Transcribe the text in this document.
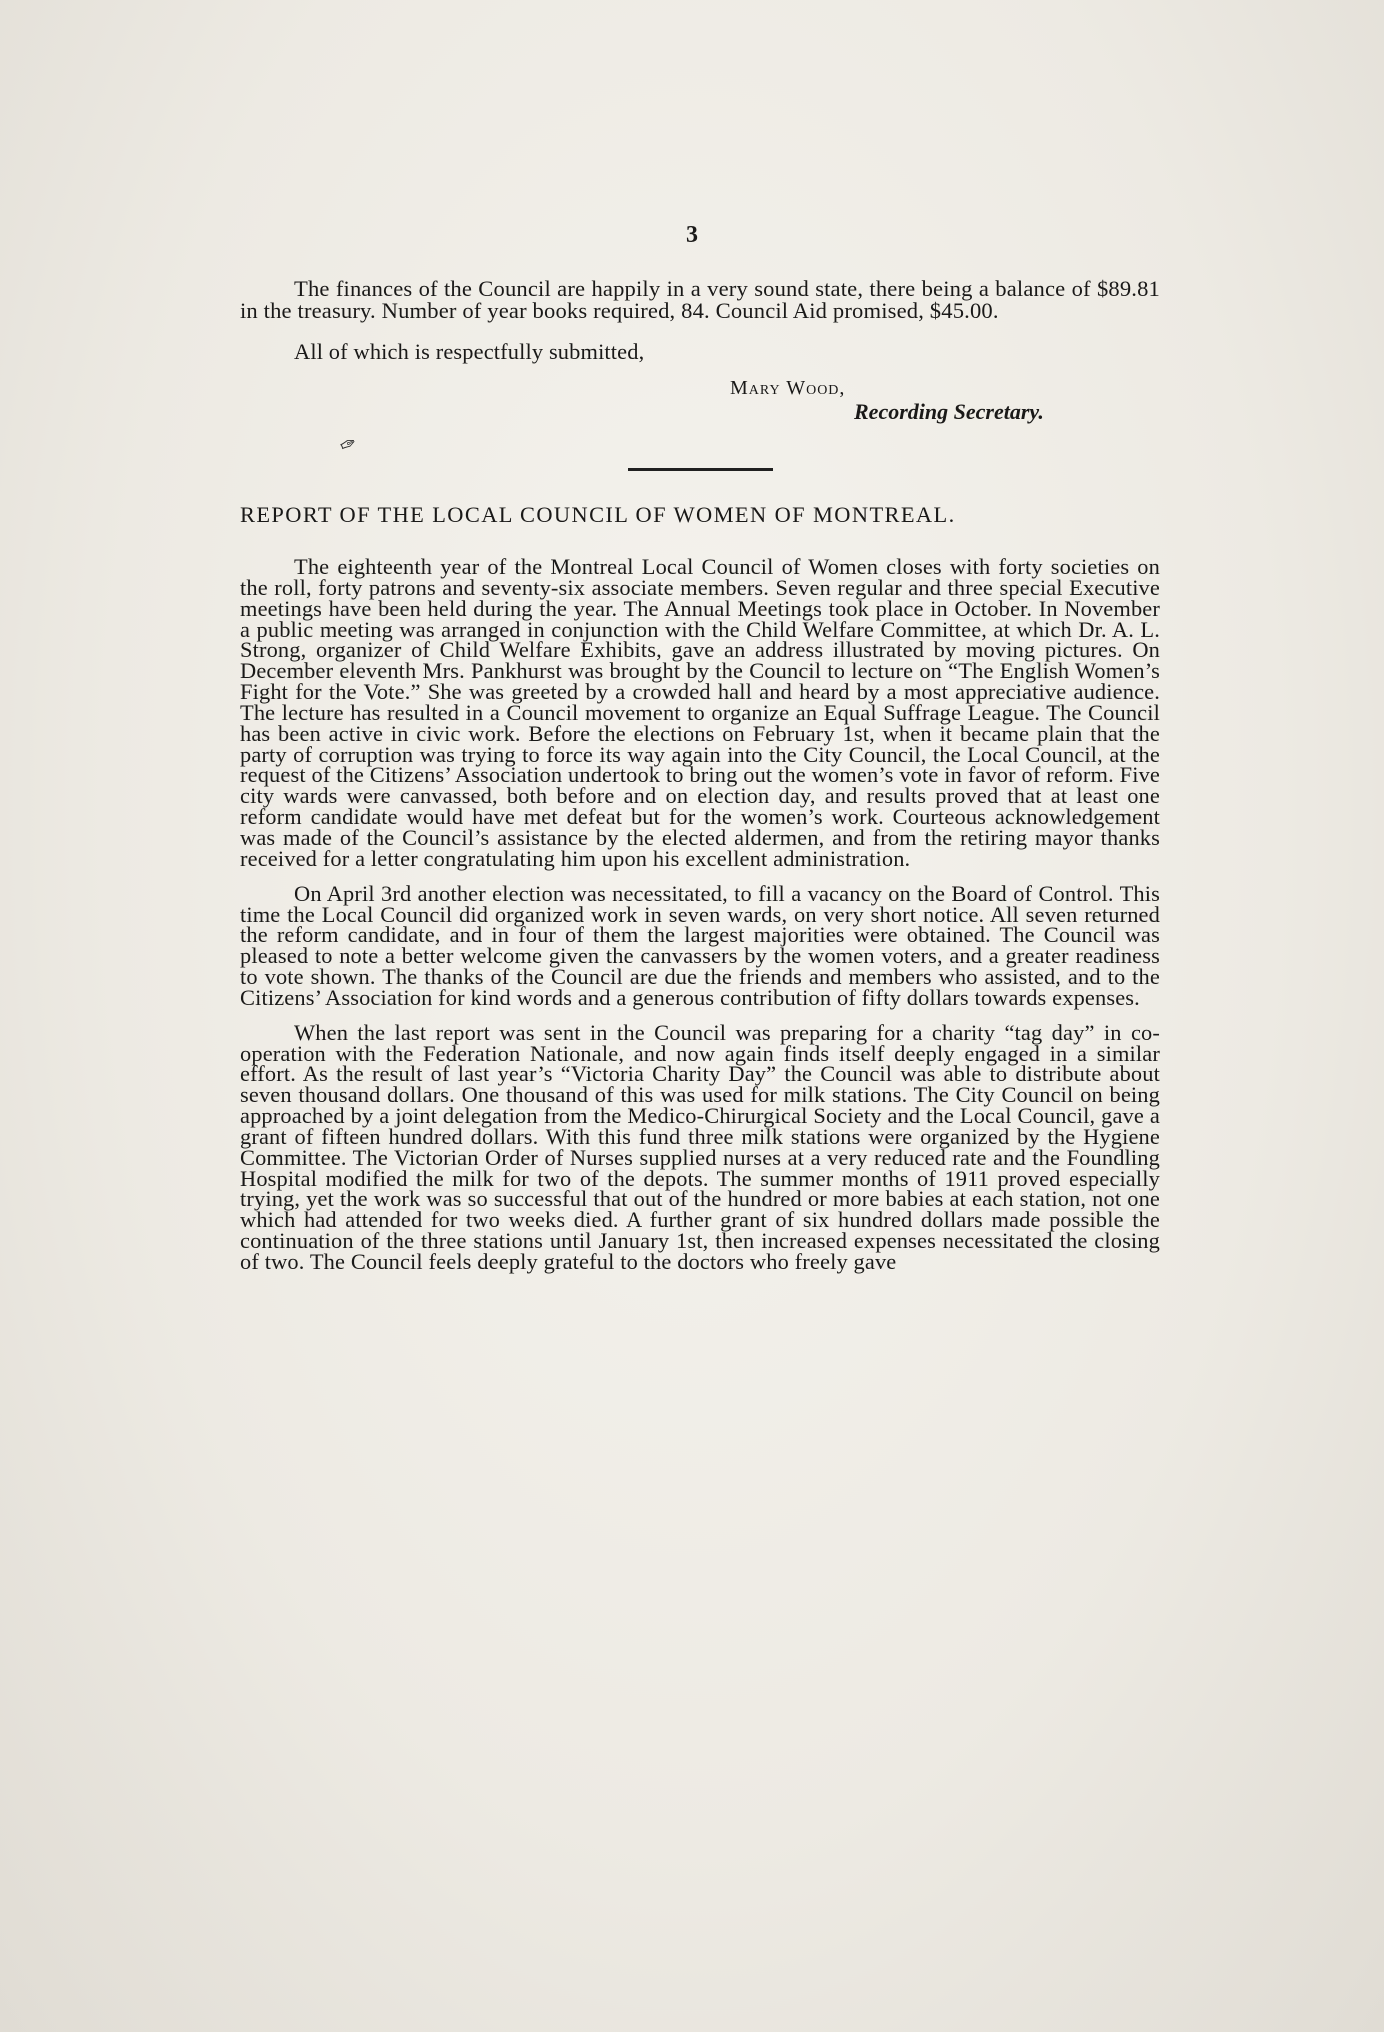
3
✑

The finances of the Council are happily in a very sound state, there being a balance of $89.81 in the treasury. Number of year books required, 84. Council Aid promised, $45.00.

All of which is respectfully submitted,

Mary Wood,
Recording Secretary.
REPORT OF THE LOCAL COUNCIL OF WOMEN OF MONTREAL.

The eighteenth year of the Montreal Local Council of Women closes with forty societies on the roll, forty patrons and seventy-six associate members. Seven regular and three special Executive meetings have been held during the year. The Annual Meetings took place in October. In November a public meeting was arranged in conjunction with the Child Welfare Committee, at which Dr. A. L. Strong, organizer of Child Welfare Exhibits, gave an address illustrated by moving pictures. On December eleventh Mrs. Pankhurst was brought by the Council to lecture on “The English Women’s Fight for the Vote.” She was greeted by a crowded hall and heard by a most appreciative audience. The lecture has resulted in a Council movement to organize an Equal Suffrage League. The Council has been active in civic work. Before the elections on February 1st, when it became plain that the party of corruption was trying to force its way again into the City Council, the Local Council, at the request of the Citizens’ Association undertook to bring out the women’s vote in favor of reform. Five city wards were canvassed, both before and on election day, and results proved that at least one reform candidate would have met defeat but for the women’s work. Courteous acknowledgement was made of the Council’s assistance by the elected aldermen, and from the retiring mayor thanks received for a letter congratulating him upon his excellent administration.

On April 3rd another election was necessitated, to fill a vacancy on the Board of Control. This time the Local Council did organized work in seven wards, on very short notice. All seven returned the reform candidate, and in four of them the largest majorities were obtained. The Council was pleased to note a better welcome given the canvassers by the women voters, and a greater readiness to vote shown. The thanks of the Council are due the friends and members who assisted, and to the Citizens’ Association for kind words and a generous contribution of fifty dollars towards expenses.

When the last report was sent in the Council was preparing for a charity “tag day” in co-operation with the Federation Nationale, and now again finds itself deeply engaged in a similar effort. As the result of last year’s “Victoria Charity Day” the Council was able to distribute about seven thousand dollars. One thousand of this was used for milk stations. The City Council on being approached by a joint delegation from the Medico-Chirurgical Society and the Local Council, gave a grant of fifteen hundred dollars. With this fund three milk stations were organized by the Hygiene Committee. The Victorian Order of Nurses supplied nurses at a very reduced rate and the Foundling Hospital modified the milk for two of the depots. The summer months of 1911 proved especially trying, yet the work was so successful that out of the hundred or more babies at each station, not one which had attended for two weeks died. A further grant of six hundred dollars made possible the continuation of the three stations until January 1st, then increased expenses necessitated the closing of two. The Council feels deeply grateful to the doctors who freely gave
